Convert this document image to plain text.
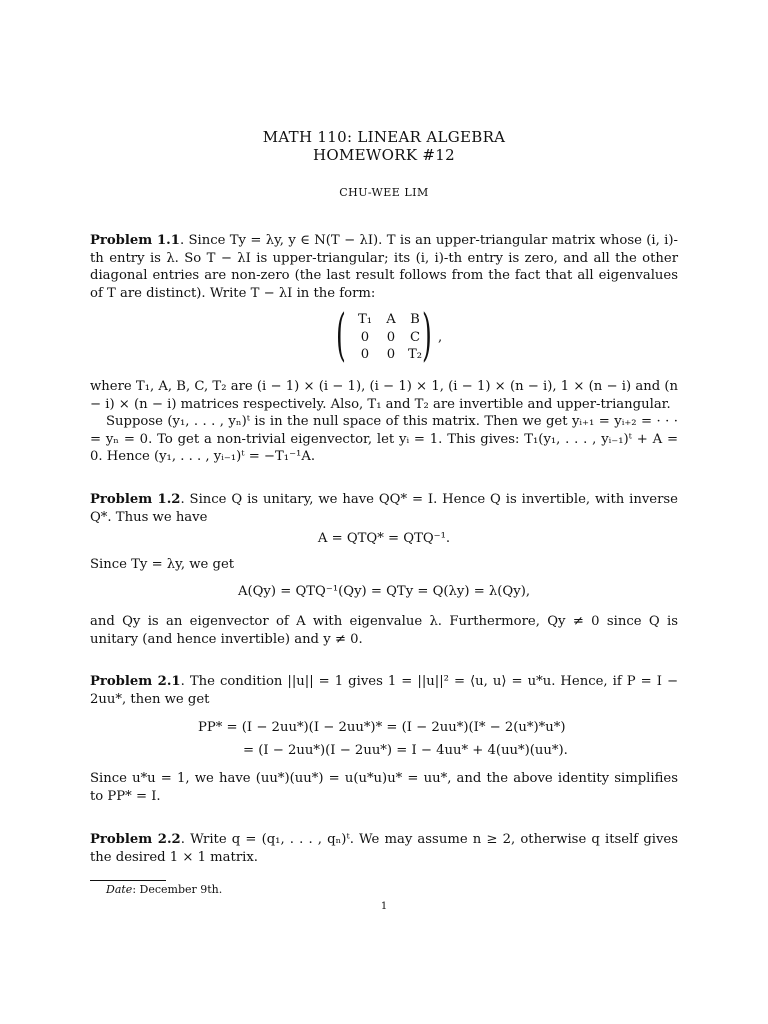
MATH 110: LINEAR ALGEBRA
HOMEWORK #12
CHU-WEE LIM
Problem 1.1. Since Ty = λy, y ∈ N(T − λI). T is an upper-triangular matrix whose (i, i)-th entry is λ. So T − λI is upper-triangular; its (i, i)-th entry is zero, and all the other diagonal entries are non-zero (the last result follows from the fact that all eigenvalues of T are distinct). Write T − λI in the form:
( T₁	A	B
0	0	C
0	0 T₂ ) ,
where T₁, A, B, C, T₂ are (i − 1) × (i − 1), (i − 1) × 1, (i − 1) × (n − i), 1 × (n − i) and (n − i) × (n − i) matrices respectively. Also, T₁ and T₂ are invertible and upper-triangular.
Suppose (y₁, . . . , yₙ)ᵗ is in the null space of this matrix. Then we get yᵢ₊₁ = yᵢ₊₂ = · · · = yₙ = 0. To get a non-trivial eigenvector, let yᵢ = 1. This gives: T₁(y₁, . . . , yᵢ₋₁)ᵗ + A = 0. Hence (y₁, . . . , yᵢ₋₁)ᵗ = −T₁⁻¹A.
Problem 1.2. Since Q is unitary, we have QQ* = I. Hence Q is invertible, with inverse Q*. Thus we have
A = QTQ* = QTQ⁻¹.
Since Ty = λy, we get
A(Qy) = QTQ⁻¹(Qy) = QTy = Q(λy) = λ(Qy),
and Qy is an eigenvector of A with eigenvalue λ. Furthermore, Qy ≠ 0 since Q is unitary (and hence invertible) and y ≠ 0.
Problem 2.1. The condition ||u|| = 1 gives 1 = ||u||² = ⟨u, u⟩ = u*u. Hence, if P = I − 2uu*, then we get
PP* = (I − 2uu*)(I − 2uu*)* = (I − 2uu*)(I* − 2(u*)*u*)
= (I − 2uu*)(I − 2uu*) = I − 4uu* + 4(uu*)(uu*).
Since u*u = 1, we have (uu*)(uu*) = u(u*u)u* = uu*, and the above identity simplifies to PP* = I.
Problem 2.2. Write q = (q₁, . . . , qₙ)ᵗ. We may assume n ≥ 2, otherwise q itself gives the desired 1 × 1 matrix.
Date: December 9th.
1
